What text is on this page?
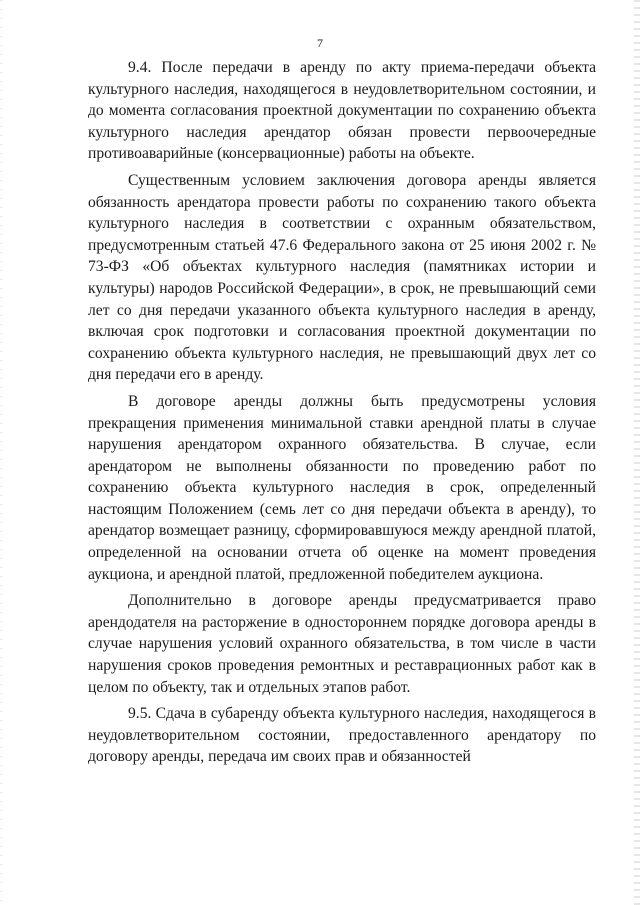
7

9.4. После передачи в аренду по акту приема-передачи объекта культурного наследия, находящегося в неудовлетворительном состоянии, и до момента согласования проектной документации по сохранению объекта культурного наследия арендатор обязан провести первоочередные противоаварийные (консервационные) работы на объекте.

Существенным условием заключения договора аренды является обязанность арендатора провести работы по сохранению такого объекта культурного наследия в соответствии с охранным обязательством, предусмотренным статьей 47.6 Федерального закона от 25 июня 2002 г. № 73-ФЗ «Об объектах культурного наследия (памятниках истории и культуры) народов Российской Федерации», в срок, не превышающий семи лет со дня передачи указанного объекта культурного наследия в аренду, включая срок подготовки и согласования проектной документации по сохранению объекта культурного наследия, не превышающий двух лет со дня передачи его в аренду.

В договоре аренды должны быть предусмотрены условия прекращения применения минимальной ставки арендной платы в случае нарушения арендатором охранного обязательства. В случае, если арендатором не выполнены обязанности по проведению работ по сохранению объекта культурного наследия в срок, определенный настоящим Положением (семь лет со дня передачи объекта в аренду), то арендатор возмещает разницу, сформировавшуюся между арендной платой, определенной на основании отчета об оценке на момент проведения аукциона, и арендной платой, предложенной победителем аукциона.

Дополнительно в договоре аренды предусматривается право арендодателя на расторжение в одностороннем порядке договора аренды в случае нарушения условий охранного обязательства, в том числе в части нарушения сроков проведения ремонтных и реставрационных работ как в целом по объекту, так и отдельных этапов работ.

9.5. Сдача в субаренду объекта культурного наследия, находящегося в неудовлетворительном состоянии, предоставленного арендатору по договору аренды, передача им своих прав и обязанностей
